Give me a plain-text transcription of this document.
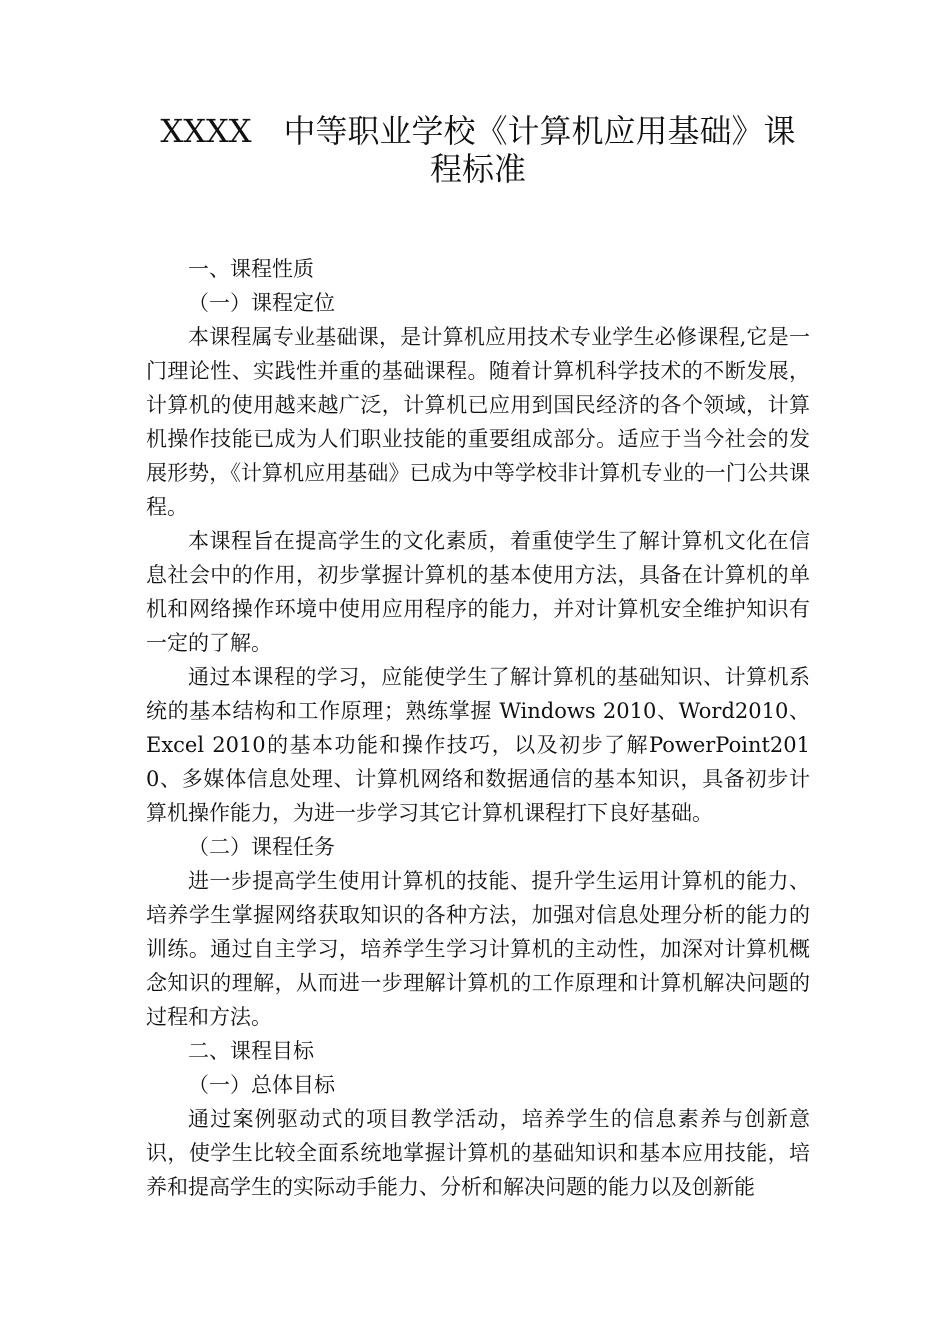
XXXX　中等职业学校《计算机应用基础》课程标准
一、课程性质
（一）课程定位

本课程属专业基础课，是计算机应用技术专业学生必修课程,它是一门理论性、实践性并重的基础课程。随着计算机科学技术的不断发展，计算机的使用越来越广泛，计算机已应用到国民经济的各个领域，计算机操作技能已成为人们职业技能的重要组成部分。适应于当今社会的发展形势，《计算机应用基础》已成为中等学校非计算机专业的一门公共课程。

本课程旨在提高学生的文化素质，着重使学生了解计算机文化在信息社会中的作用，初步掌握计算机的基本使用方法，具备在计算机的单机和网络操作环境中使用应用程序的能力，并对计算机安全维护知识有一定的了解。

通过本课程的学习，应能使学生了解计算机的基础知识、计算机系统的基本结构和工作原理；熟练掌握 Windows 2010、Word2010、Excel 2010的基本功能和操作技巧，以及初步了解PowerPoint2010、多媒体信息处理、计算机网络和数据通信的基本知识，具备初步计算机操作能力，为进一步学习其它计算机课程打下良好基础。

（二）课程任务

进一步提高学生使用计算机的技能、提升学生运用计算机的能力、培养学生掌握网络获取知识的各种方法，加强对信息处理分析的能力的训练。通过自主学习，培养学生学习计算机的主动性，加深对计算机概念知识的理解，从而进一步理解计算机的工作原理和计算机解决问题的过程和方法。

二、课程目标
（一）总体目标

通过案例驱动式的项目教学活动，培养学生的信息素养与创新意识，使学生比较全面系统地掌握计算机的基础知识和基本应用技能，培养和提高学生的实际动手能力、分析和解决问题的能力以及创新能
